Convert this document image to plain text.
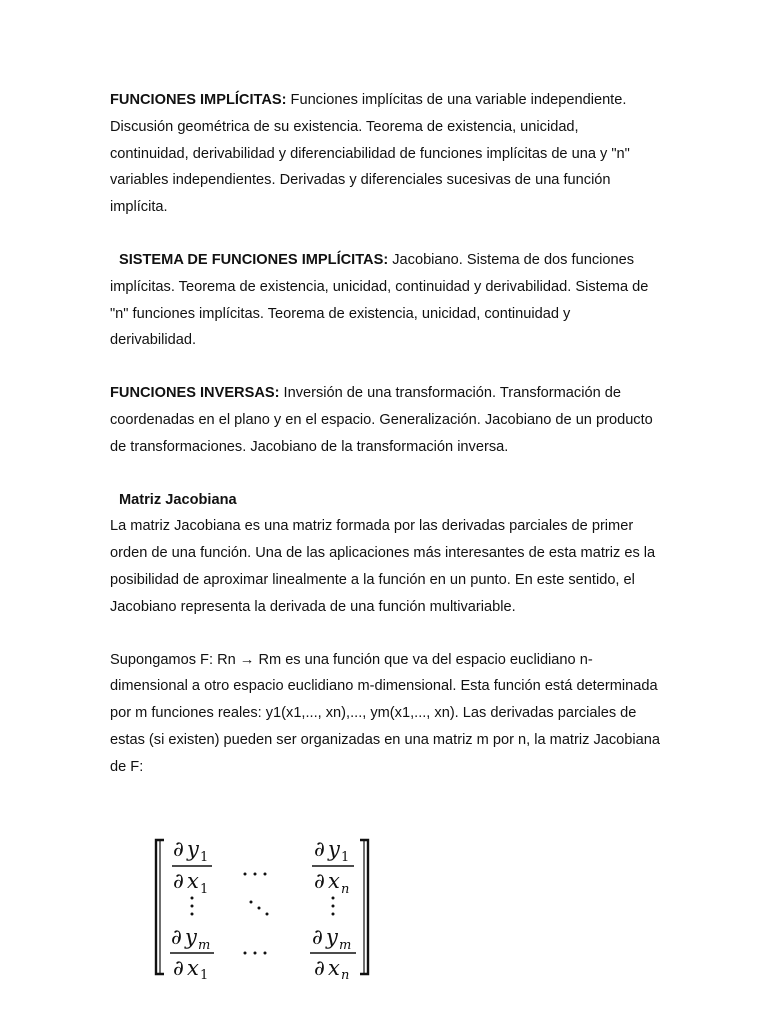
FUNCIONES IMPLÍCITAS: Funciones implícitas de una variable independiente. Discusión geométrica de su existencia. Teorema de existencia, unicidad, continuidad, derivabilidad y diferenciabilidad de funciones implícitas de una y "n" variables independientes. Derivadas y diferenciales sucesivas de una función implícita.

SISTEMA DE FUNCIONES IMPLÍCITAS: Jacobiano. Sistema de dos funciones implícitas. Teorema de existencia, unicidad, continuidad y derivabilidad. Sistema de "n" funciones implícitas. Teorema de existencia, unicidad, continuidad y derivabilidad.

FUNCIONES INVERSAS: Inversión de una transformación. Transformación de coordenadas en el plano y en el espacio. Generalización. Jacobiano de un producto de transformaciones. Jacobiano de la transformación inversa.

Matriz Jacobiana

La matriz Jacobiana es una matriz formada por las derivadas parciales de primer orden de una función. Una de las aplicaciones más interesantes de esta matriz es la posibilidad de aproximar linealmente a la función en un punto. En este sentido, el Jacobiano representa la derivada de una función multivariable.

Supongamos F: Rn → Rm es una función que va del espacio euclidiano n-dimensional a otro espacio euclidiano m-dimensional. Esta función está determinada por m funciones reales: y1(x1,..., xn),..., ym(x1,..., xn). Las derivadas parciales de estas (si existen) pueden ser organizadas en una matriz m por n, la matriz Jacobiana de F:

∂ y 1
∂ x 1
∂ y 1
∂ x n
∂ y m
∂ x 1
∂ y m
∂ x n
